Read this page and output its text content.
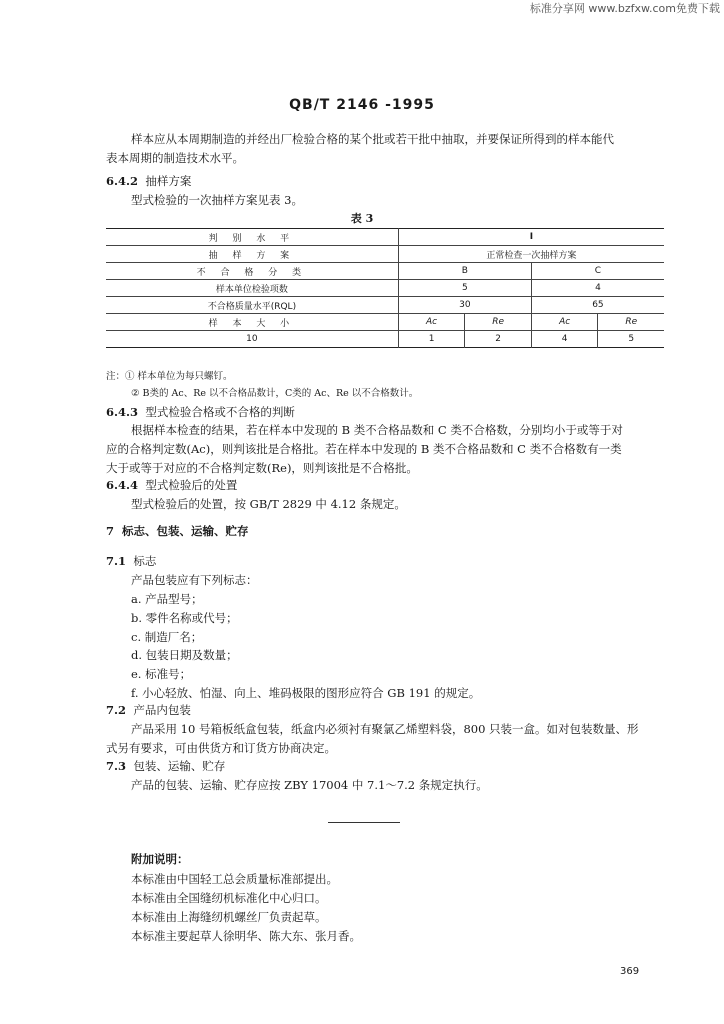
标准分享网 www.bzfxw.com免费下载
QB/T 2146 -1995
样本应从本周期制造的并经出厂检验合格的某个批或若干批中抽取，并要保证所得到的样本能代
表本周期的制造技术水平。
6.4.2 抽样方案
型式检验的一次抽样方案见表 3。
表 3
判 别 水 平	I			
抽 样 方 案	正常检查一次抽样方案			
不 合 格 分 类	B		C	
样本单位检验项数	5		4	
不合格质量水平(RQL)	30		65	
样 本 大 小	Ac	Re	Ac	Re
10	1	2	4	5
注：① 样本单位为每只螺钉。
② B类的 Ac、Re 以不合格品数计，C类的 Ac、Re 以不合格数计。
6.4.3 型式检验合格或不合格的判断
根据样本检查的结果，若在样本中发现的 B 类不合格品数和 C 类不合格数，分别均小于或等于对
应的合格判定数(Ac)，则判该批是合格批。若在样本中发现的 B 类不合格品数和 C 类不合格数有一类
大于或等于对应的不合格判定数(Re)，则判该批是不合格批。
6.4.4 型式检验后的处置
型式检验后的处置，按 GB/T 2829 中 4.12 条规定。
7 标志、包装、运输、贮存
7.1 标志
产品包装应有下列标志：
a. 产品型号；
b. 零件名称或代号；
c. 制造厂名；
d. 包装日期及数量；
e. 标准号；
f. 小心轻放、怕湿、向上、堆码极限的图形应符合 GB 191 的规定。
7.2 产品内包装
产品采用 10 号箱板纸盒包装，纸盒内必须衬有聚氯乙烯塑料袋，800 只装一盒。如对包装数量、形
式另有要求，可由供货方和订货方协商决定。
7.3 包装、运输、贮存
产品的包装、运输、贮存应按 ZBY 17004 中 7.1～7.2 条规定执行。
附加说明：
本标准由中国轻工总会质量标准部提出。
本标准由全国缝纫机标准化中心归口。
本标准由上海缝纫机螺丝厂负责起草。
本标准主要起草人徐明华、陈大东、张月香。
369
